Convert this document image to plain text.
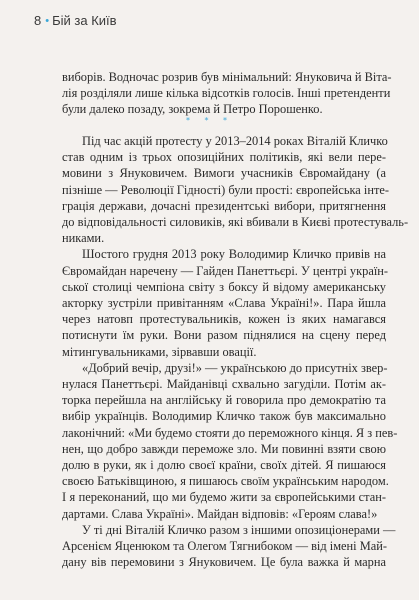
8 • Бій за Київ

виборів. Водночас розрив був мінімальний: Януковича й Віта-
лія розділяли лише кілька відсотків голосів. Інші претенденти
були далеко позаду, зокрема й Петро Порошенко.

* * *

Під час акцій протесту у 2013–2014 роках Віталій Кличко
став одним із трьох опозиційних політиків, які вели пере-
мовини з Януковичем. Вимоги учасників Євромайдану (а
пізніше — Революції Гідності) були прості: європейська інте-
грація держави, дочасні президентські вибори, притягнення
до відповідальності силовиків, які вбивали в Києві протестуваль-
никами.

Шостого грудня 2013 року Володимир Кличко привів на
Євромайдан наречену — Гайден Панеттьєрі. У центрі україн-
ської столиці чемпіона світу з боксу й відому американську
акторку зустріли привітанням «Слава Україні!». Пара йшла
через натовп протестувальників, кожен із яких намагався
потиснути їм руки. Вони разом піднялися на сцену перед
мітингувальниками, зірвавши овації.

«Добрий вечір, друзі!» — українською до присутніх звер-
нулася Панеттьєрі. Майданівці схвально загуділи. Потім ак-
торка перейшла на англійську й говорила про демократію та
вибір українців. Володимир Кличко також був максимально
лаконічний: «Ми будемо стояти до переможного кінця. Я з пев-
нен, що добро завжди переможе зло. Ми повинні взяти свою
долю в руки, як і долю своєї країни, своїх дітей. Я пишаюся
своєю Батьківщиною, я пишаюсь своїм українським народом.
І я переконаний, що ми будемо жити за європейськими стан-
дартами. Слава Україні». Майдан відповів: «Героям слава!»

У ті дні Віталій Кличко разом з іншими опозиціонерами —
Арсенієм Яценюком та Олегом Тягнибоком — від імені Май-
дану вів перемовини з Януковичем. Це була важка й марна
